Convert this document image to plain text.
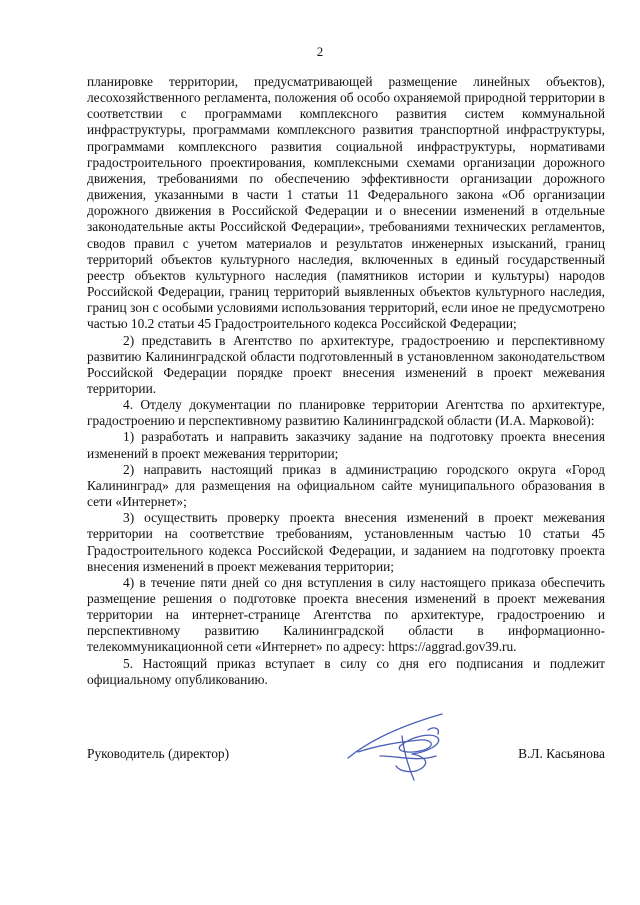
2

планировке территории, предусматривающей размещение линейных объектов), лесохозяйственного регламента, положения об особо охраняемой природной территории в соответствии с программами комплексного развития систем коммунальной инфраструктуры, программами комплексного развития транспортной инфраструктуры, программами комплексного развития социальной инфраструктуры, нормативами градостроительного проектирования, комплексными схемами организации дорожного движения, требованиями по обеспечению эффективности организации дорожного движения, указанными в части 1 статьи 11 Федерального закона «Об организации дорожного движения в Российской Федерации и о внесении изменений в отдельные законодательные акты Российской Федерации», требованиями технических регламентов, сводов правил с учетом материалов и результатов инженерных изысканий, границ территорий объектов культурного наследия, включенных в единый государственный реестр объектов культурного наследия (памятников истории и культуры) народов Российской Федерации, границ территорий выявленных объектов культурного наследия, границ зон с особыми условиями использования территорий, если иное не предусмотрено частью 10.2 статьи 45 Градостроительного кодекса Российской Федерации;

2) представить в Агентство по архитектуре, градостроению и перспективному развитию Калининградской области подготовленный в установленном законодательством Российской Федерации порядке проект внесения изменений в проект межевания территории.

4. Отделу документации по планировке территории Агентства по архитектуре, градостроению и перспективному развитию Калининградской области (И.А. Марковой):

1) разработать и направить заказчику задание на подготовку проекта внесения изменений в проект межевания территории;

2) направить настоящий приказ в администрацию городского округа «Город Калининград» для размещения на официальном сайте муниципального образования в сети «Интернет»;

3) осуществить проверку проекта внесения изменений в проект межевания территории на соответствие требованиям, установленным частью 10 статьи 45 Градостроительного кодекса Российской Федерации, и заданием на подготовку проекта внесения изменений в проект межевания территории;

4) в течение пяти дней со дня вступления в силу настоящего приказа обеспечить размещение решения о подготовке проекта внесения изменений в проект межевания территории на интернет-странице Агентства по архитектуре, градостроению и перспективному развитию Калининградской области в информационно-телекоммуникационной сети «Интернет» по адресу: https://aggrad.gov39.ru.

5. Настоящий приказ вступает в силу со дня его подписания и подлежит официальному опубликованию.

Руководитель (директор)	В.Л. Касьянова
